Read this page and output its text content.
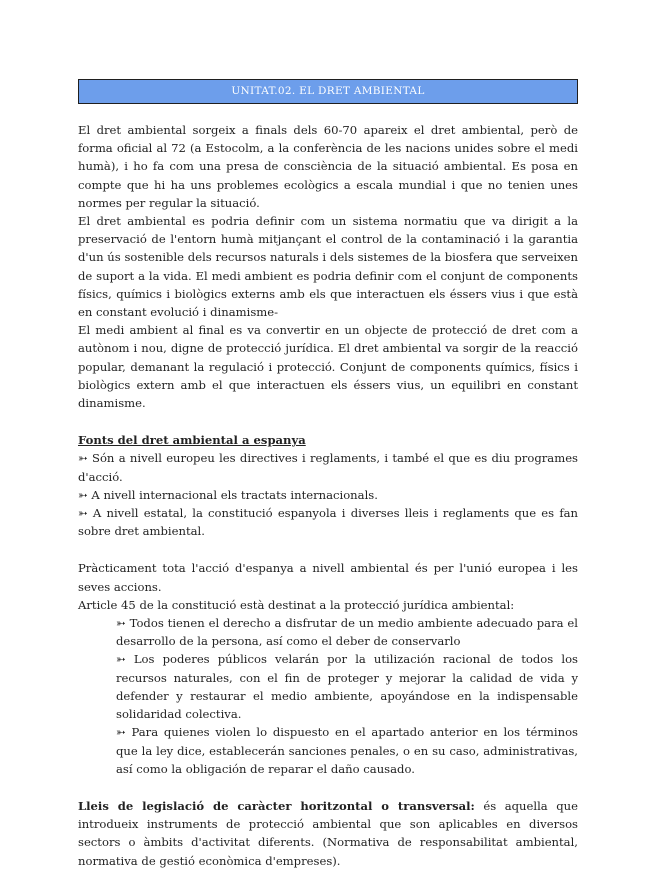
UNITAT.02. EL DRET AMBIENTAL

El dret ambiental sorgeix a finals dels 60-70 apareix el dret ambiental, però de forma oficial al 72 (a Estocolm, a la conferència de les nacions unides sobre el medi humà), i ho fa com una presa de consciència de la situació ambiental. Es posa en compte que hi ha uns problemes ecològics a escala mundial i que no tenien unes normes per regular la situació.

El dret ambiental es podria definir com un sistema normatiu que va dirigit a la preservació de l'entorn humà mitjançant el control de la contaminació i la garantia d'un ús sostenible dels recursos naturals i dels sistemes de la biosfera que serveixen de suport a la vida. El medi ambient es podria definir com el conjunt de components físics, químics i biològics externs amb els que interactuen els éssers vius i que està en constant evolució i dinamisme-

El medi ambient al final es va convertir en un objecte de protecció de dret com a autònom i nou, digne de protecció jurídica. El dret ambiental va sorgir de la reacció popular, demanant la regulació i protecció. Conjunt de components químics, físics i biològics extern amb el que interactuen els éssers vius, un equilibri en constant dinamisme.

Fonts del dret ambiental a espanya

➳ Són a nivell europeu les directives i reglaments, i també el que es diu programes d'acció.

➳ A nivell internacional els tractats internacionals.

➳ A nivell estatal, la constitució espanyola i diverses lleis i reglaments que es fan sobre dret ambiental.

Pràcticament tota l'acció d'espanya a nivell ambiental és per l'unió europea i les seves accions.

Article 45 de la constitució està destinat a la protecció jurídica ambiental:

➳ Todos tienen el derecho a disfrutar de un medio ambiente adecuado para el desarrollo de la persona, así como el deber de conservarlo

➳ Los poderes públicos velarán por la utilización racional de todos los recursos naturales, con el fin de proteger y mejorar la calidad de vida y defender y restaurar el medio ambiente, apoyándose en la indispensable solidaridad colectiva.

➳ Para quienes violen lo dispuesto en el apartado anterior en los términos que la ley dice, establecerán sanciones penales, o en su caso, administrativas, así como la obligación de reparar el daño causado.

Lleis de legislació de caràcter horitzontal o transversal: és aquella que introdueix instruments de protecció ambiental que son aplicables en diversos sectors o àmbits d'activitat diferents. (Normativa de responsabilitat ambiental, normativa de gestió econòmica d'empreses).
